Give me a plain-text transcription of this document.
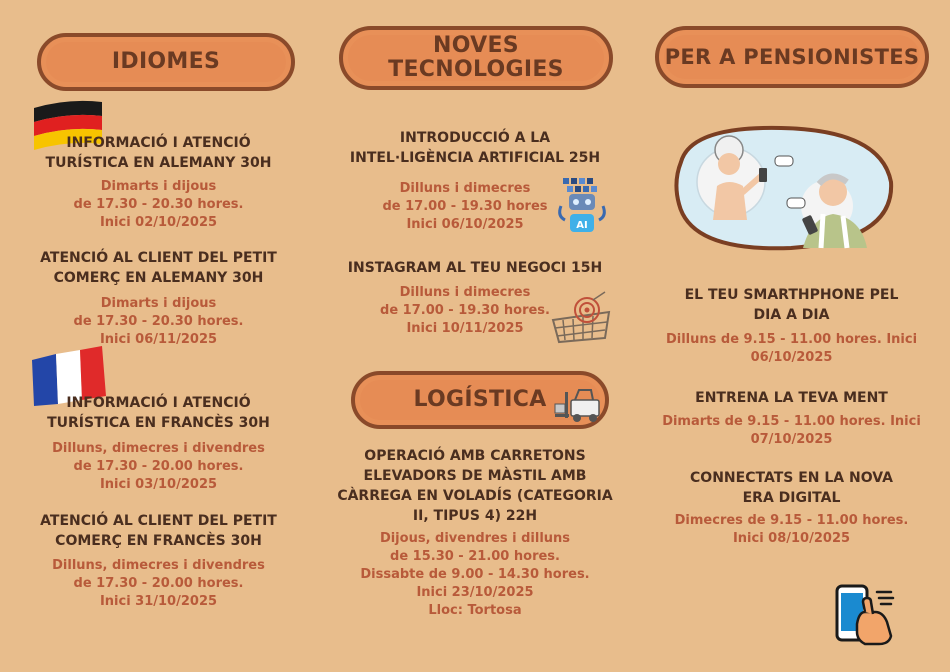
IDIOMES
INFORMACIÓ I ATENCIÓ
TURÍSTICA EN ALEMANY 30H
Dimarts i dijous
de 17.30 - 20.30 hores.
Inici 02/10/2025
ATENCIÓ AL CLIENT DEL PETIT
COMERÇ EN ALEMANY 30H
Dimarts i dijous
de 17.30 - 20.30 hores.
Inici 06/11/2025
INFORMACIÓ I ATENCIÓ
TURÍSTICA EN FRANCÈS 30H
Dilluns, dimecres i divendres
de 17.30 - 20.00 hores.
Inici 03/10/2025
ATENCIÓ AL CLIENT DEL PETIT
COMERÇ EN FRANCÈS 30H
Dilluns, dimecres i divendres
de 17.30 - 20.00 hores.
Inici 31/10/2025
NOVES
TECNOLOGIES
INTRODUCCIÓ A LA
INTEL·LIGÈNCIA ARTIFICIAL 25H
Dilluns i dimecres
de 17.00 - 19.30 hores
Inici 06/10/2025	AI
INSTAGRAM AL TEU NEGOCI 15H
Dilluns i dimecres
de 17.00 - 19.30 hores.
Inici 10/11/2025
LOGÍSTICA
OPERACIÓ AMB CARRETONS
ELEVADORS DE MÀSTIL AMB
CÀRREGA EN VOLADÍS (CATEGORIA
II, TIPUS 4) 22H
Dijous, divendres i dilluns
de 15.30 - 21.00 hores.
Dissabte de 9.00 - 14.30 hores.
Inici 23/10/2025
Lloc: Tortosa
PER A PENSIONISTES
EL TEU SMARTHPHONE PEL
DIA A DIA
Dilluns de 9.15 - 11.00 hores. Inici
06/10/2025
ENTRENA LA TEVA MENT
Dimarts de 9.15 - 11.00 hores. Inici
07/10/2025
CONNECTATS EN LA NOVA
ERA DIGITAL
Dimecres de 9.15 - 11.00 hores.
Inici 08/10/2025
